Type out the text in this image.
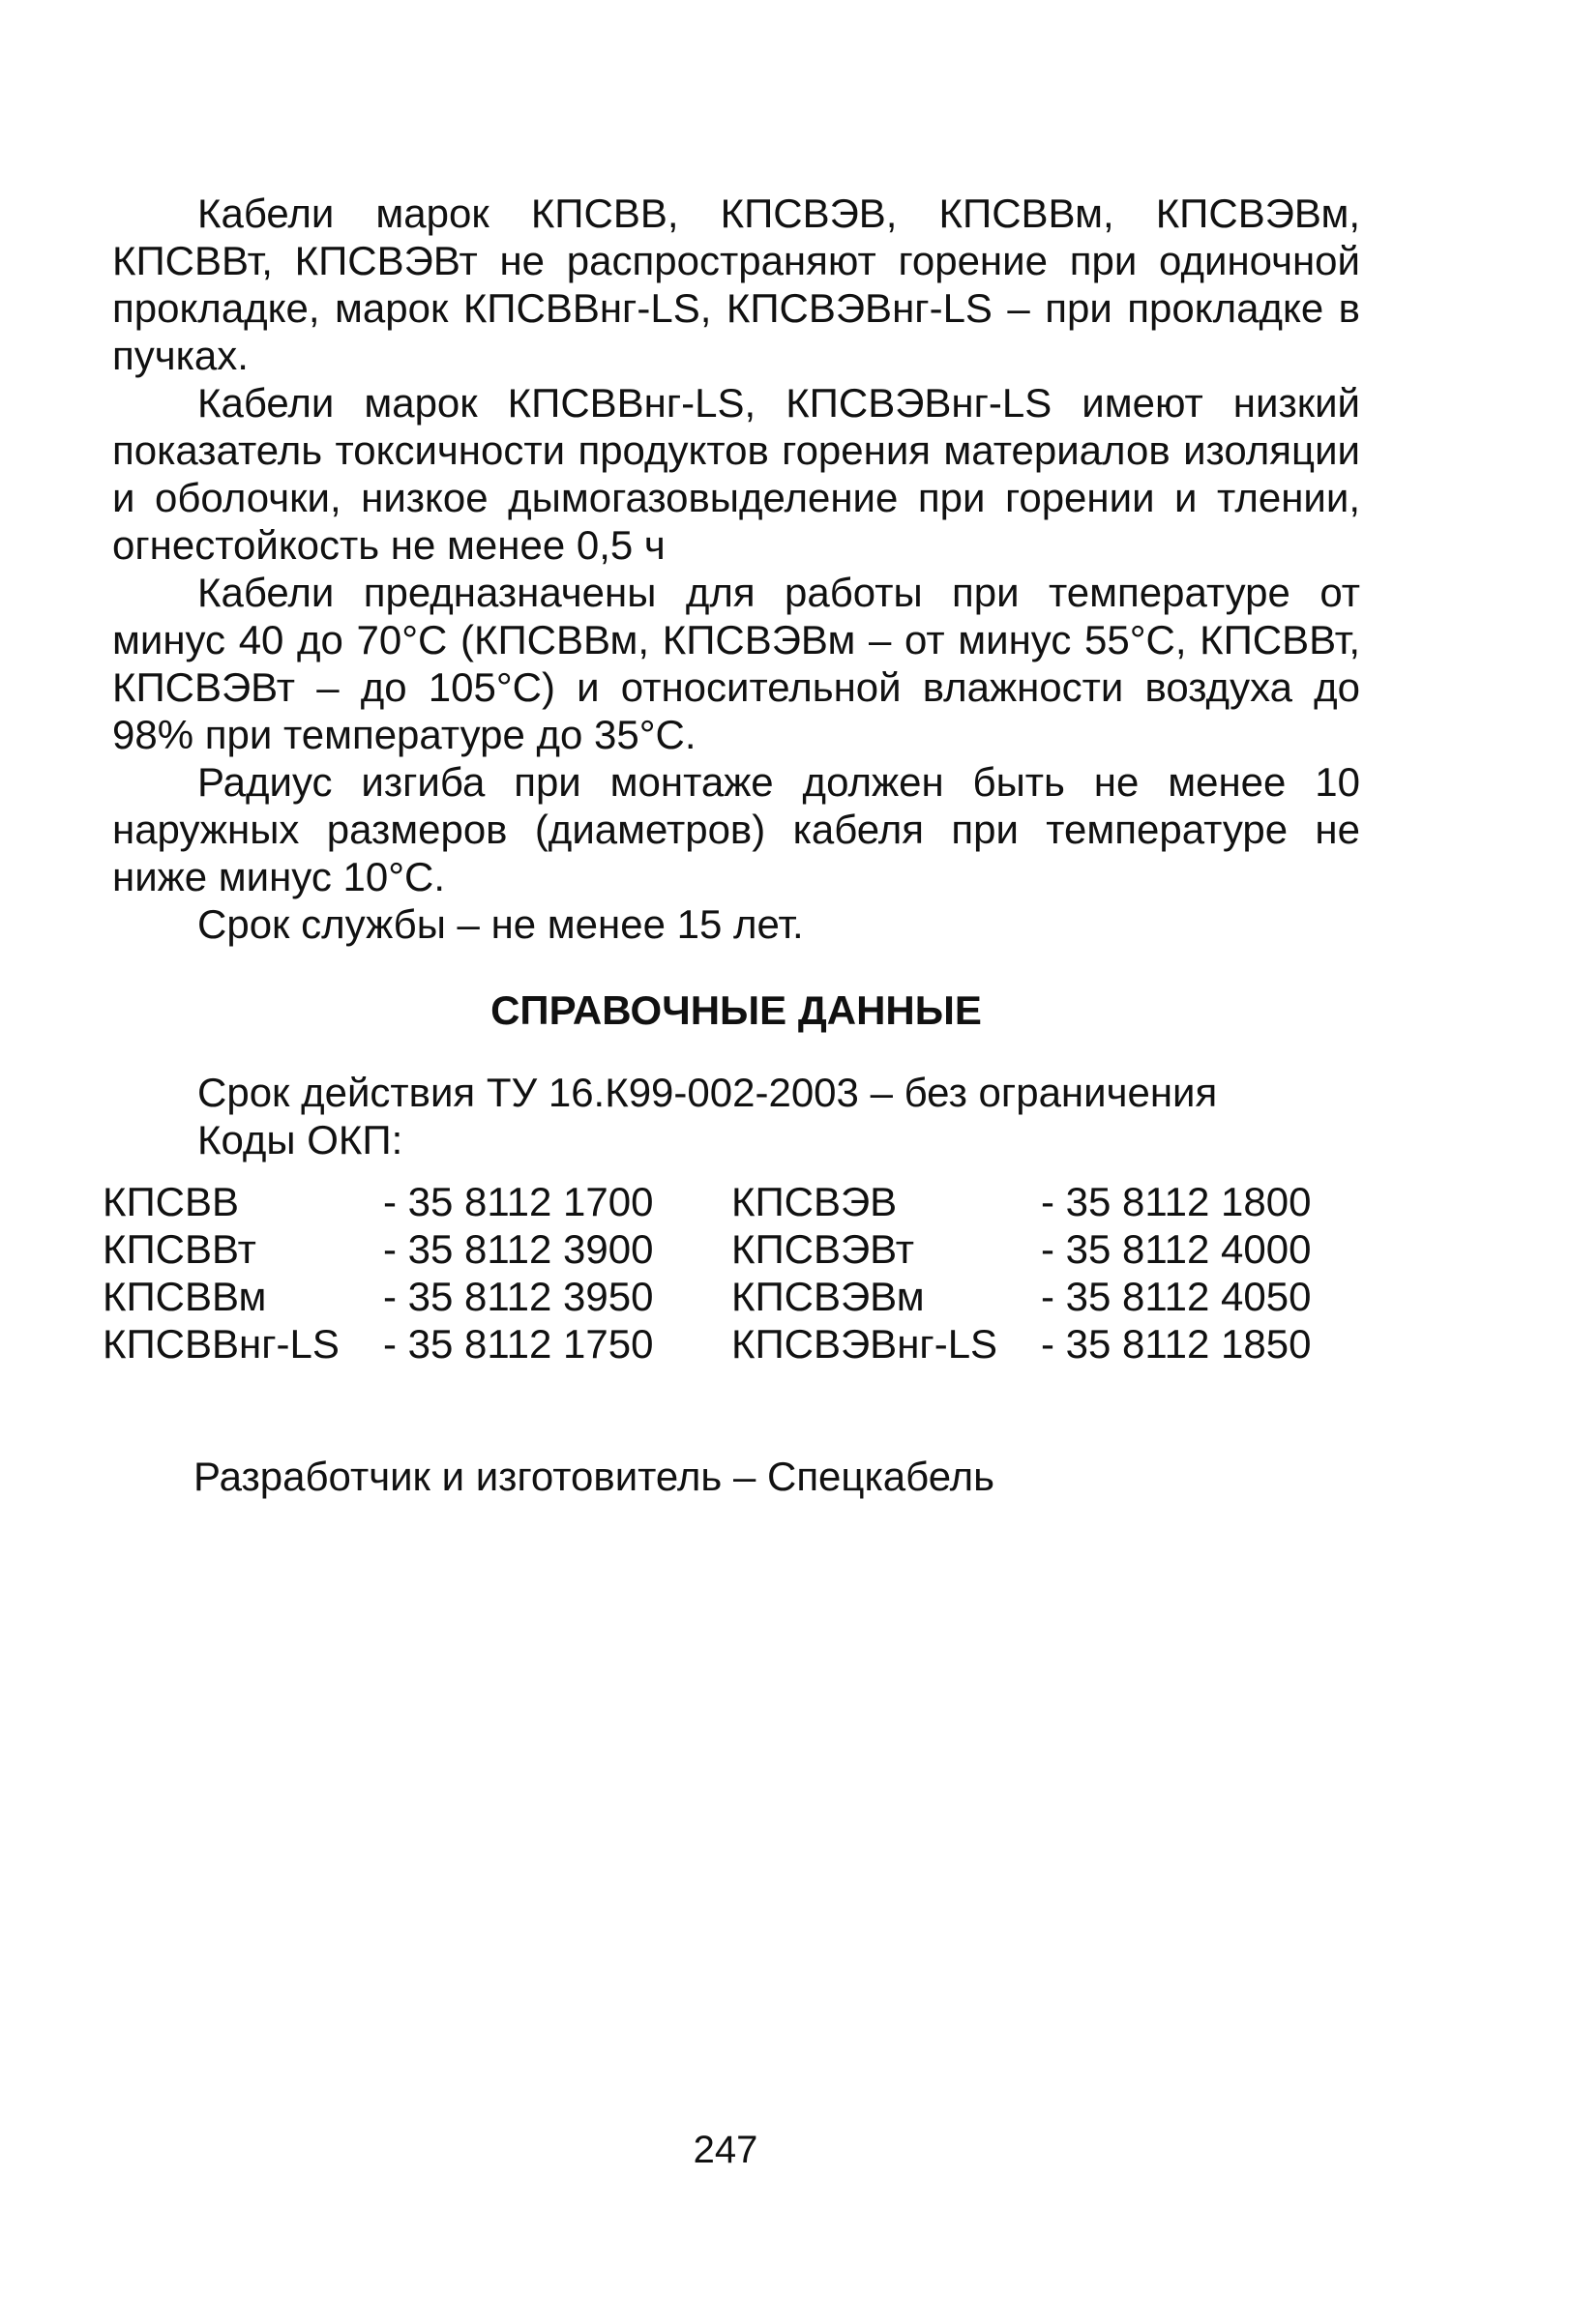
Кабели марок КПСВВ, КПСВЭВ, КПСВВм, КПСВЭВм, КПСВВт, КПСВЭВт не распространяют горение при одиночной прокладке, марок КПСВВнг-LS, КПСВЭВнг-LS – при прокладке в пучках.

Кабели марок КПСВВнг-LS, КПСВЭВнг-LS имеют низкий показатель токсичности продуктов горения материалов изоляции и оболочки, низкое дымогазовыделение при горении и тлении, огнестойкость не менее 0,5 ч

Кабели предназначены для работы при температуре от минус 40 до 70°С (КПСВВм, КПСВЭВм – от минус 55°С, КПСВВт, КПСВЭВт – до 105°С) и относительной влажности воздуха до 98% при температуре до 35°С.

Радиус изгиба при монтаже должен быть не менее 10 наружных размеров (диаметров) кабеля при температуре не ниже минус 10°С.

Срок службы – не менее 15 лет.

СПРАВОЧНЫЕ ДАННЫЕ

Срок действия ТУ 16.К99-002-2003 – без ограничения

Коды ОКП:

КПСВВ	- 35 8112 1700	КПСВЭВ	- 35 8112 1800
КПСВВт	- 35 8112 3900	КПСВЭВт	- 35 8112 4000
КПСВВм	- 35 8112 3950	КПСВЭВм	- 35 8112 4050
КПСВВнг-LS	- 35 8112 1750	КПСВЭВнг-LS	- 35 8112 1850

Разработчик и изготовитель – Спецкабель

247
